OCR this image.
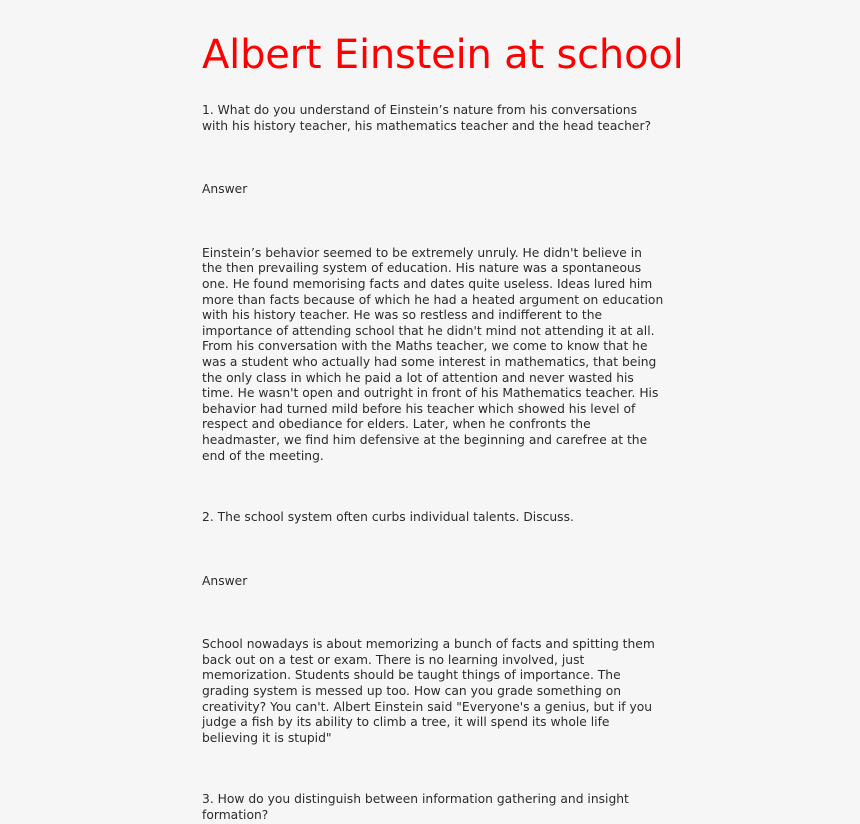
Albert Einstein at school

1. What do you understand of Einstein’s nature from his conversations with his history teacher, his mathematics teacher and the head teacher?

Answer

Einstein’s behavior seemed to be extremely unruly. He didn't believe in the then prevailing system of education. His nature was a spontaneous one. He found memorising facts and dates quite useless. Ideas lured him more than facts because of which he had a heated argument on education with his history teacher. He was so restless and indifferent to the importance of attending school that he didn't mind not attending it at all. From his conversation with the Maths teacher, we come to know that he was a student who actually had some interest in mathematics, that being the only class in which he paid a lot of attention and never wasted his time. He wasn't open and outright in front of his Mathematics teacher. His behavior had turned mild before his teacher which showed his level of respect and obediance for elders. Later, when he confronts the headmaster, we find him defensive at the beginning and carefree at the end of the meeting.

2. The school system often curbs individual talents. Discuss.

Answer

School nowadays is about memorizing a bunch of facts and spitting them back out on a test or exam. There is no learning involved, just memorization. Students should be taught things of importance. The grading system is messed up too. How can you grade something on creativity? You can't. Albert Einstein said "Everyone's a genius, but if you judge a fish by its ability to climb a tree, it will spend its whole life believing it is stupid"

3. How do you distinguish between information gathering and insight formation?
